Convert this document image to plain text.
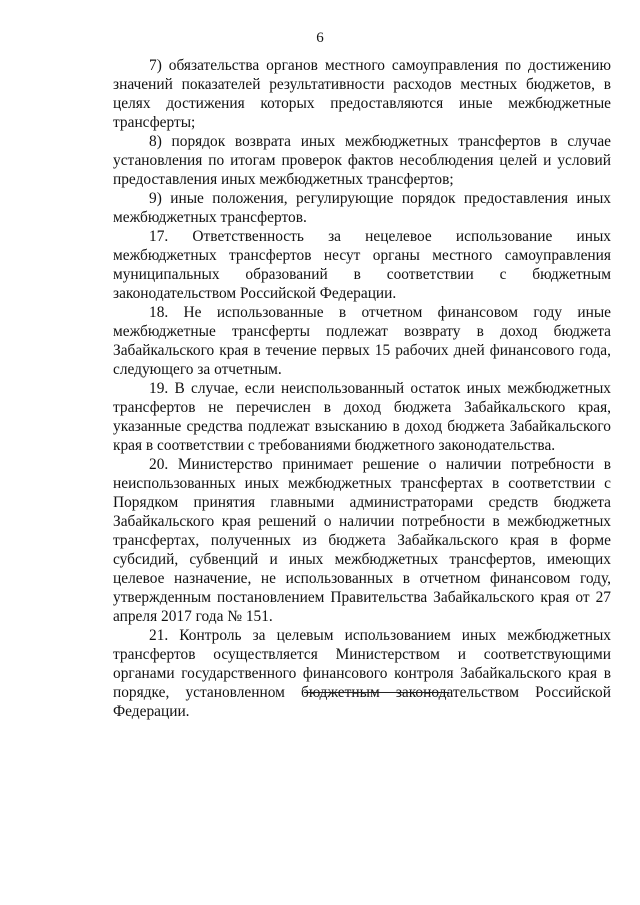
6

7) обязательства органов местного самоуправления по достижению значений показателей результативности расходов местных бюджетов, в целях достижения которых предоставляются иные межбюджетные трансферты;

8) порядок возврата иных межбюджетных трансфертов в случае установления по итогам проверок фактов несоблюдения целей и условий предоставления иных межбюджетных трансфертов;

9) иные положения, регулирующие порядок предоставления иных межбюджетных трансфертов.

17. Ответственность за нецелевое использование иных межбюджетных трансфертов несут органы местного самоуправления муниципальных образований в соответствии с бюджетным законодательством Российской Федерации.

18. Не использованные в отчетном финансовом году иные межбюджетные трансферты подлежат возврату в доход бюджета Забайкальского края в течение первых 15 рабочих дней финансового года, следующего за отчетным.

19. В случае, если неиспользованный остаток иных межбюджетных трансфертов не перечислен в доход бюджета Забайкальского края, указанные средства подлежат взысканию в доход бюджета Забайкальского края в соответствии с требованиями бюджетного законодательства.

20. Министерство принимает решение о наличии потребности в неиспользованных иных межбюджетных трансфертах в соответствии с Порядком принятия главными администраторами средств бюджета Забайкальского края решений о наличии потребности в межбюджетных трансфертах, полученных из бюджета Забайкальского края в форме субсидий, субвенций и иных межбюджетных трансфертов, имеющих целевое назначение, не использованных в отчетном финансовом году, утвержденным постановлением Правительства Забайкальского края от 27 апреля 2017 года № 151.

21. Контроль за целевым использованием иных межбюджетных трансфертов осуществляется Министерством и соответствующими органами государственного финансового контроля Забайкальского края в порядке, установленном бюджетным законодательством Российской Федерации.
